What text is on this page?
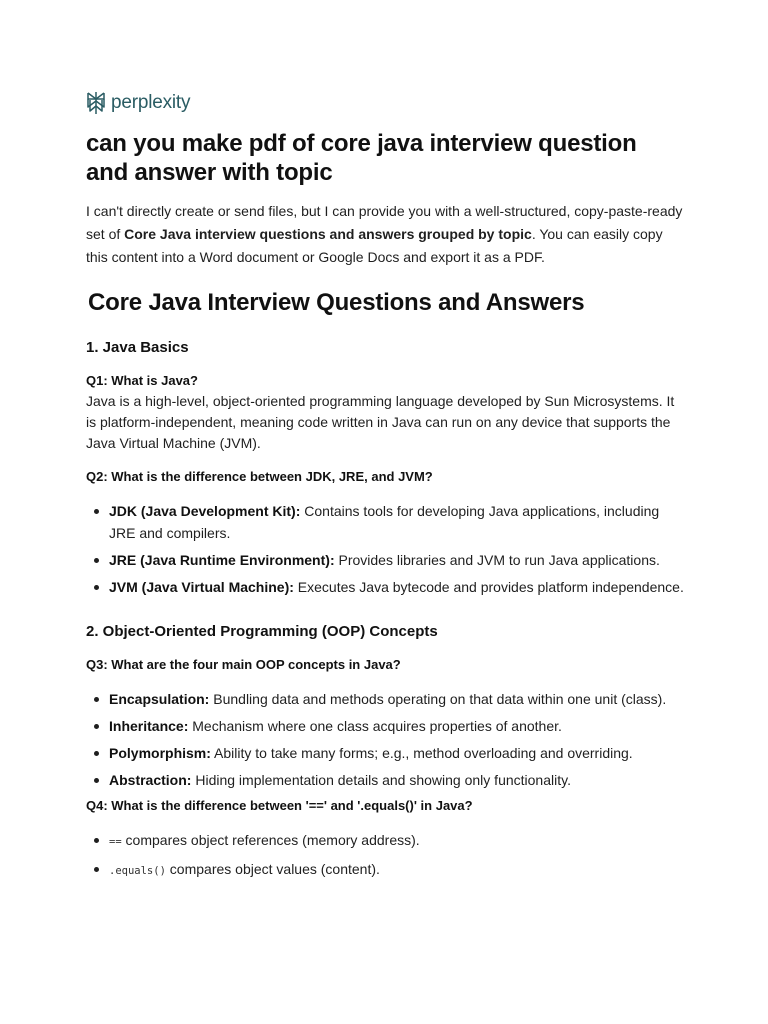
perplexity
can you make pdf of core java interview question and answer with topic

I can't directly create or send files, but I can provide you with a well-structured, copy-paste-ready set of Core Java interview questions and answers grouped by topic. You can easily copy this content into a Word document or Google Docs and export it as a PDF.

Core Java Interview Questions and Answers
1. Java Basics
Q1: What is Java?
Java is a high-level, object-oriented programming language developed by Sun Microsystems. It is platform-independent, meaning code written in Java can run on any device that supports the Java Virtual Machine (JVM).
Q2: What is the difference between JDK, JRE, and JVM?
JDK (Java Development Kit): Contains tools for developing Java applications, including JRE and compilers.
JRE (Java Runtime Environment): Provides libraries and JVM to run Java applications.
JVM (Java Virtual Machine): Executes Java bytecode and provides platform independence.
2. Object-Oriented Programming (OOP) Concepts
Q3: What are the four main OOP concepts in Java?
Encapsulation: Bundling data and methods operating on that data within one unit (class).
Inheritance: Mechanism where one class acquires properties of another.
Polymorphism: Ability to take many forms; e.g., method overloading and overriding.
Abstraction: Hiding implementation details and showing only functionality.
Q4: What is the difference between '==' and '.equals()' in Java?
== compares object references (memory address).
.equals() compares object values (content).
